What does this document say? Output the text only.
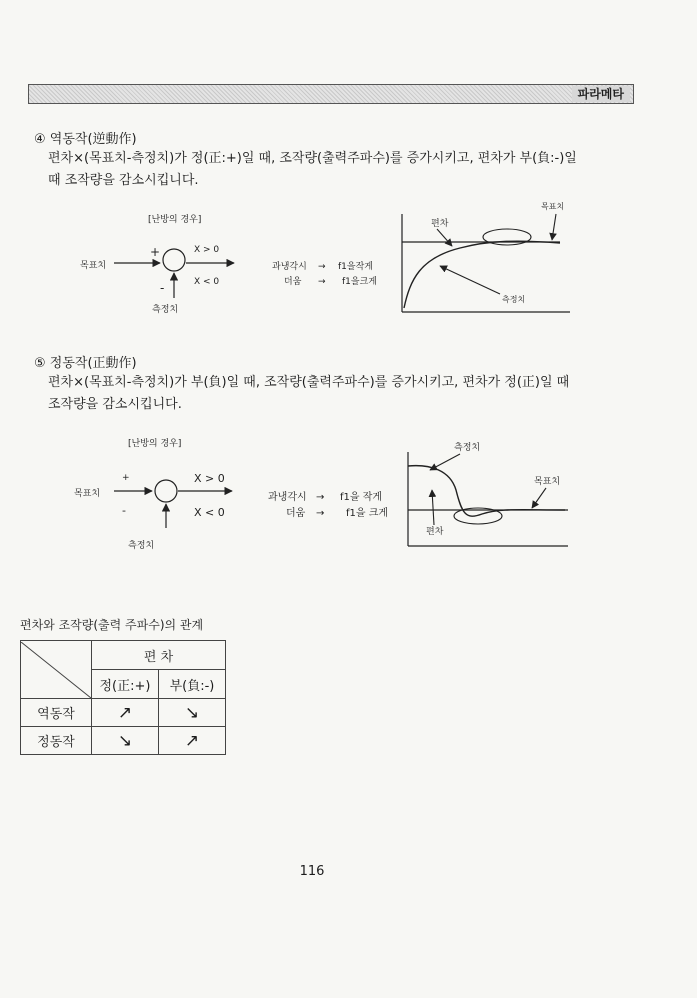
파라메타
④ 역동작(逆動作)
편차×(목표치-측정치)가 정(正:+)일 때, 조작량(출력주파수)를 증가시키고, 편차가 부(負:-)일
때 조작량을 감소시킵니다.
[난방의 경우]
목표치
+
-
측정치
X > 0
X < 0
과냉각시 → f1을작게
더움 → f1을크게
목표치
편차
측정치
⑤ 정동작(正動作)
편차×(목표치-측정치)가 부(負)일 때, 조작량(출력주파수)를 증가시키고, 편차가 정(正)일 때
조작량을 감소시킵니다.
[난방의 경우]
목표치
+
-
측정치
X > 0
X < 0
과냉각시 → f1을 작게
더움 → f1을 크게
측정치
목표치
편차
편차와 조작량(출력 주파수)의 관계
	편 차	
	정(正:+)	부(負:-)
역동작	↗	↘
정동작	↘	↗
116
